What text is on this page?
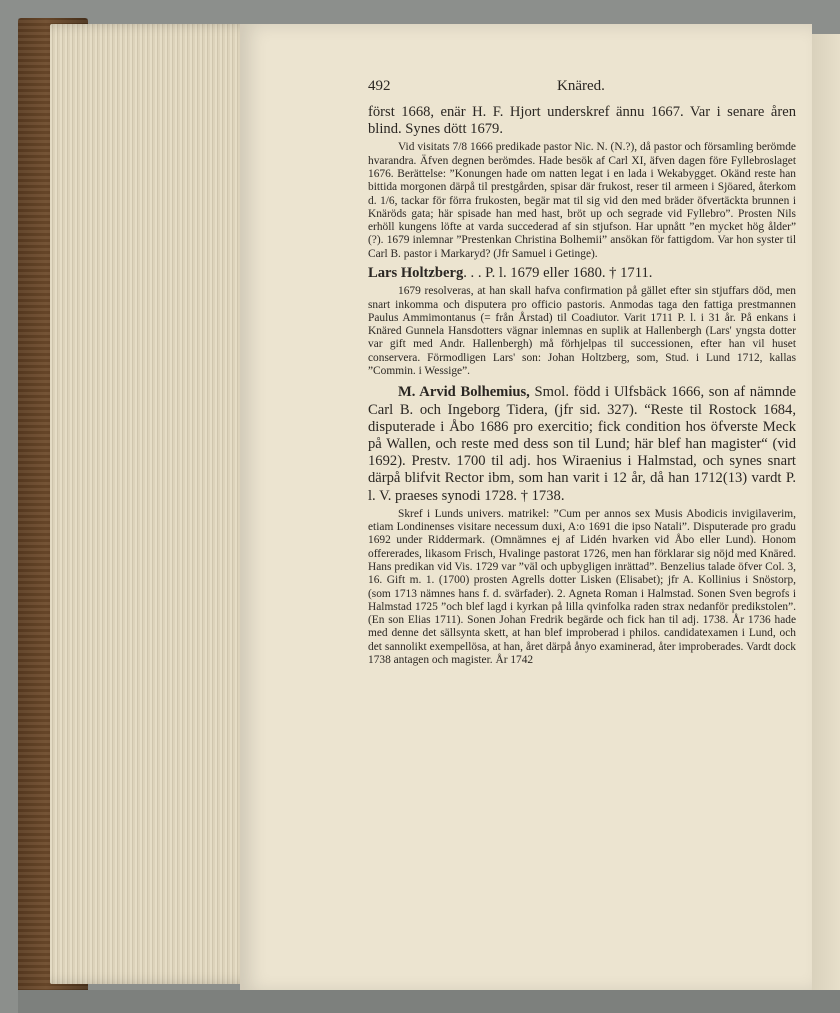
492	Knäred.

först 1668, enär H. F. Hjort underskref ännu 1667. Var i senare åren blind. Synes dött 1679.

Vid visitats 7/8 1666 predikade pastor Nic. N. (N.?), då pastor och församling berömde hvarandra. Äfven degnen berömdes. Hade besök af Carl XI, äfven dagen före Fyllebroslaget 1676. Berättelse: ”Konungen hade om natten legat i en lada i Wekabygget. Okänd reste han bittida morgonen därpå til prestgården, spisar där frukost, reser til armeen i Sjöared, återkom d. 1/6, tackar för förra frukosten, begär mat til sig vid den med bräder öfvertäckta brunnen i Knäröds gata; här spisade han med hast, bröt up och segrade vid Fyllebro”. Prosten Nils erhöll kungens löfte at varda succederad af sin stjufson. Har upnått ”en mycket hög ålder” (?). 1679 inlemnar ”Prestenkan Christina Bolhemii” ansökan för fattigdom. Var hon syster til Carl B. pastor i Markaryd? (Jfr Samuel i Getinge).

Lars Holtzberg. . . P. l. 1679 eller 1680. † 1711.

1679 resolveras, at han skall hafva confirmation på gället efter sin stjuffars död, men snart inkomma och disputera pro officio pastoris. Anmodas taga den fattiga prestmannen Paulus Ammimontanus (= från Årstad) til Coadiutor. Varit 1711 P. l. i 31 år. På enkans i Knäred Gunnela Hansdotters vägnar inlemnas en suplik at Hallenbergh (Lars' yngsta dotter var gift med Andr. Hallenbergh) må förhjelpas til successionen, efter han vil huset conservera. Förmodligen Lars' son: Johan Holtzberg, som, Stud. i Lund 1712, kallas ”Commin. i Wessige”.

M. Arvid Bolhemius, Smol. född i Ulfsbäck 1666, son af nämnde Carl B. och Ingeborg Tidera, (jfr sid. 327). “Reste til Rostock 1684, disputerade i Åbo 1686 pro exercitio; fick condition hos öfverste Meck på Wallen, och reste med dess son til Lund; här blef han magister“ (vid 1692). Prestv. 1700 til adj. hos Wiraenius i Halmstad, och synes snart därpå blifvit Rector ibm, som han varit i 12 år, då han 1712(13) vardt P. l. V. praeses synodi 1728. † 1738.

Skref i Lunds univers. matrikel: ”Cum per annos sex Musis Abodicis invigilaverim, etiam Londinenses visitare necessum duxi, A:o 1691 die ipso Natali”. Disputerade pro gradu 1692 under Riddermark. (Omnämnes ej af Lidén hvarken vid Åbo eller Lund). Honom offererades, likasom Frisch, Hvalinge pastorat 1726, men han förklarar sig nöjd med Knäred. Hans predikan vid Vis. 1729 var ”väl och upbygligen inrättad”. Benzelius talade öfver Col. 3, 16. Gift m. 1. (1700) prosten Agrells dotter Lisken (Elisabet); jfr A. Kollinius i Snöstorp, (som 1713 nämnes hans f. d. svärfader). 2. Agneta Roman i Halmstad. Sonen Sven begrofs i Halmstad 1725 ”och blef lagd i kyrkan på lilla qvinfolka raden strax nedanför predikstolen”. (En son Elias 1711). Sonen Johan Fredrik begärde och fick han til adj. 1738. År 1736 hade med denne det sällsynta skett, at han blef improberad i philos. candidatexamen i Lund, och det sannolikt exempellösa, at han, året därpå ånyo examinerad, åter improberades. Vardt dock 1738 antagen och magister. År 1742
